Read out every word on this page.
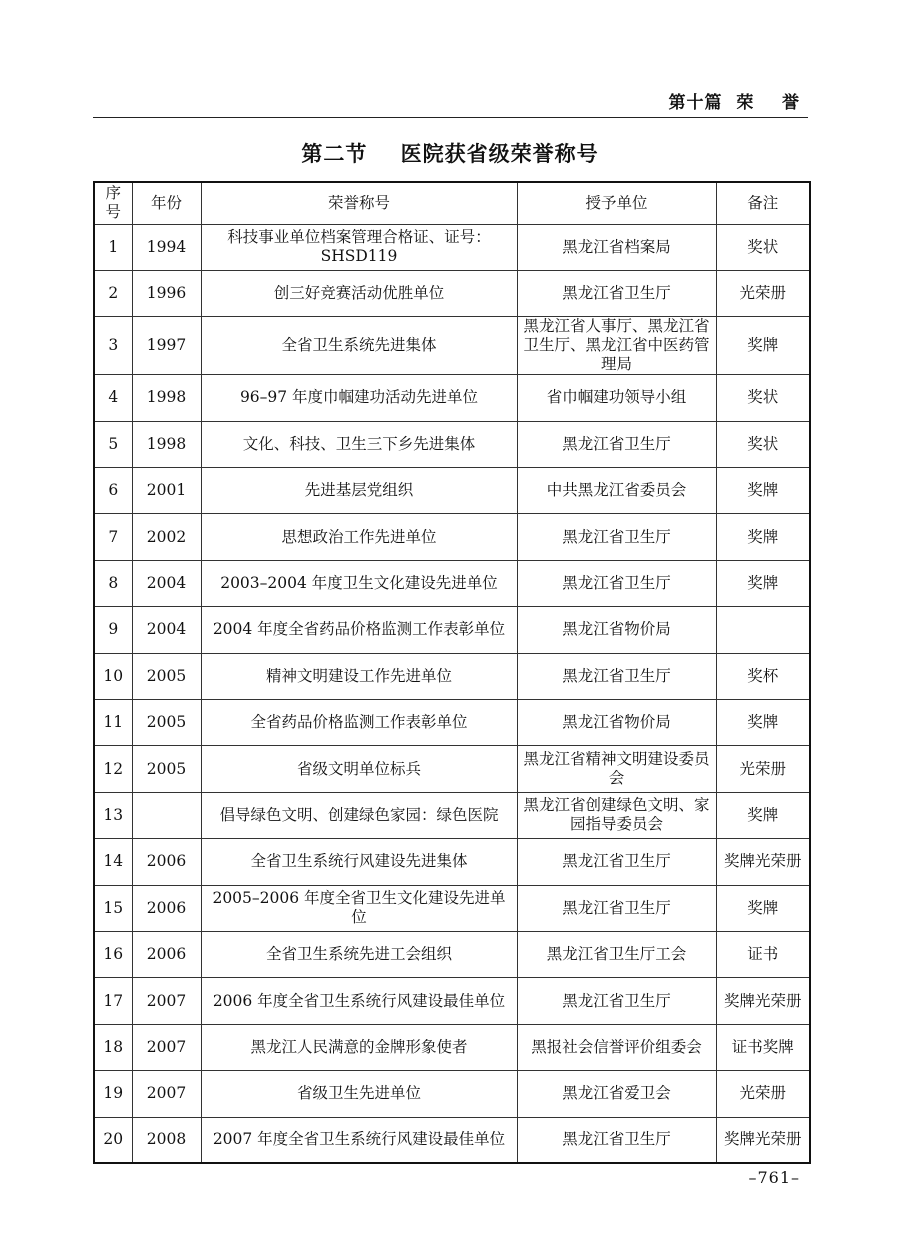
第十篇  荣    誉
第二节    医院获省级荣誉称号
序号	年份	荣誉称号	授予单位	备注
1	1994	科技事业单位档案管理合格证、证号：SHSD119	黑龙江省档案局	奖状
2	1996	创三好竞赛活动优胜单位	黑龙江省卫生厅	光荣册
3	1997	全省卫生系统先进集体	黑龙江省人事厅、黑龙江省卫生厅、黑龙江省中医药管理局	奖牌
4	1998	96–97 年度巾帼建功活动先进单位	省巾帼建功领导小组	奖状
5	1998	文化、科技、卫生三下乡先进集体	黑龙江省卫生厅	奖状
6	2001	先进基层党组织	中共黑龙江省委员会	奖牌
7	2002	思想政治工作先进单位	黑龙江省卫生厅	奖牌
8	2004	2003–2004 年度卫生文化建设先进单位	黑龙江省卫生厅	奖牌
9	2004	2004 年度全省药品价格监测工作表彰单位	黑龙江省物价局	
10	2005	精神文明建设工作先进单位	黑龙江省卫生厅	奖杯
11	2005	全省药品价格监测工作表彰单位	黑龙江省物价局	奖牌
12	2005	省级文明单位标兵	黑龙江省精神文明建设委员会	光荣册
13		倡导绿色文明、创建绿色家园：绿色医院	黑龙江省创建绿色文明、家园指导委员会	奖牌
14	2006	全省卫生系统行风建设先进集体	黑龙江省卫生厅	奖牌光荣册
15	2006	2005–2006 年度全省卫生文化建设先进单位	黑龙江省卫生厅	奖牌
16	2006	全省卫生系统先进工会组织	黑龙江省卫生厅工会	证书
17	2007	2006 年度全省卫生系统行风建设最佳单位	黑龙江省卫生厅	奖牌光荣册
18	2007	黑龙江人民满意的金牌形象使者	黑报社会信誉评价组委会	证书奖牌
19	2007	省级卫生先进单位	黑龙江省爱卫会	光荣册
20	2008	2007 年度全省卫生系统行风建设最佳单位	黑龙江省卫生厅	奖牌光荣册
–761–
